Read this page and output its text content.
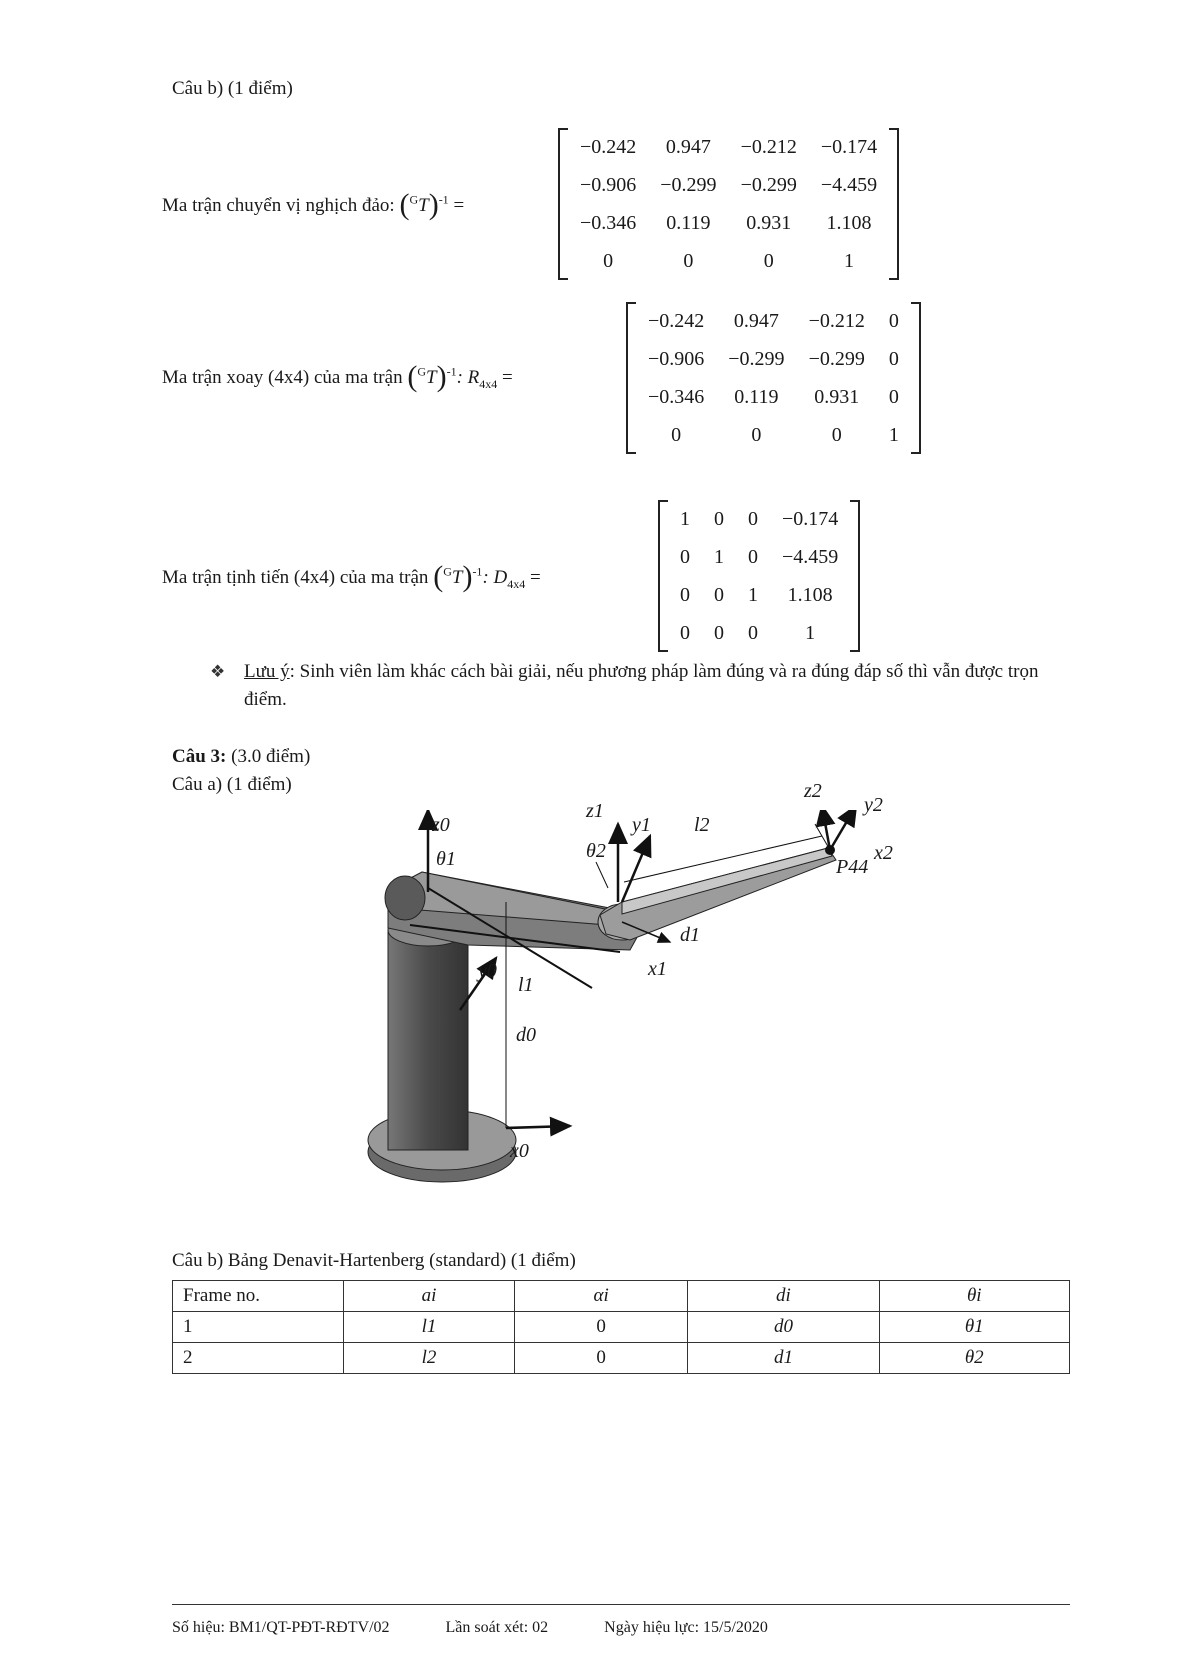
Câu b) (1 điểm)
Ma trận chuyển vị nghịch đảo: $(^GT)^{-1}$ =
−0.242	0.947	−0.212	−0.174
−0.906	−0.299	−0.299	−4.459
−0.346	0.119	0.931	1.108
0	0	0	1
Ma trận xoay (4x4) của ma trận $(^GT)^{-1}$: $R_{4x4}$ =
−0.242	0.947	−0.212	0
−0.906	−0.299	−0.299	0
−0.346	0.119	0.931	0
0	0	0	1
Ma trận tịnh tiến (4x4) của ma trận $(^GT)^{-1}$: $D_{4x4}$ =
1	0	0	−0.174
0	1	0	−4.459
0	0	1	1.108
0	0	0	1
❖ Lưu ý: Sinh viên làm khác cách bài giải, nếu phương pháp làm đúng và ra đúng đáp số thì vẫn được trọn điểm.
Câu 3: (3.0 điểm)
Câu a) (1 điểm)
z0
θ1
z1
y1 l2
z2
y2
θ2	x2
P44
d1
x1
y0
l1
d0
x0
Câu b) Bảng Denavit-Hartenberg (standard) (1 điểm)
Frame no.	ai	αi	di	θi
1	l1	0	d0	θ1
2	l2	0	d1	θ2
Số hiệu: BM1/QT-PĐT-RĐTV/02	Lần soát xét: 02	Ngày hiệu lực: 15/5/2020
